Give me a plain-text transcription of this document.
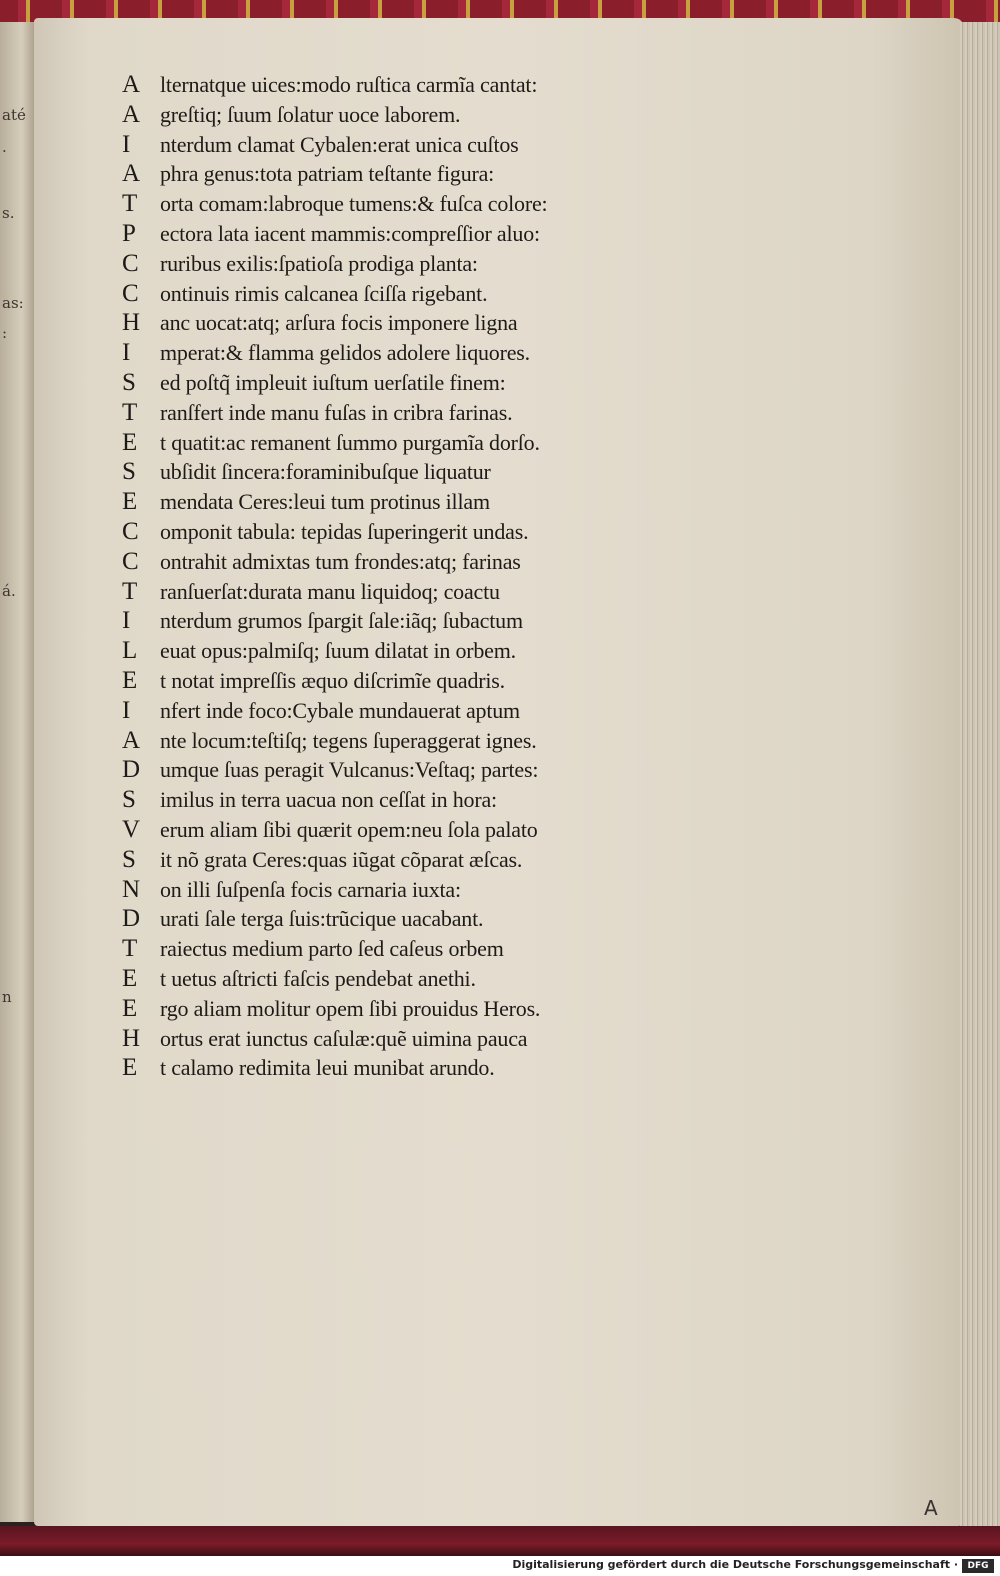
até
·
s.
as:
:
á.
n
A lternatque uices:modo ruſtica carmĩa cantat:
A greſtiq; ſuum ſolatur uoce laborem.
I	nterdum clamat Cybalen:erat unica cuſtos
A phra genus:tota patriam teſtante figura:
T	orta comam:labroque tumens:& fuſca colore:
P	ectora lata iacent mammis:compreſſior aluo:
C ruribus exilis:ſpatioſa prodiga planta:
C ontinuis rimis calcanea ſciſſa rigebant.
H anc uocat:atq; arſura focis imponere ligna
I	mperat:& flamma gelidos adolere liquores.
S	ed poſtq̃ impleuit iuſtum uerſatile finem:
T	ranſfert inde manu fuſas in cribra farinas.
E	t quatit:ac remanent ſummo purgamĩa dorſo.
S	ubſidit ſincera:foraminibuſque liquatur
E	mendata Ceres:leui tum protinus illam
C omponit tabula: tepidas ſuperingerit undas.
C ontrahit admixtas tum frondes:atq; farinas
T	ranſuerſat:durata manu liquidoq; coactu
I	nterdum grumos ſpargit ſale:iãq; ſubactum
L	euat opus:palmiſq; ſuum dilatat in orbem.
E	t notat impreſſis æquo diſcrimĩe quadris.
I	nfert inde foco:Cybale mundauerat aptum
A nte locum:teſtiſq; tegens ſuperaggerat ignes.
D umque ſuas peragit Vulcanus:Veſtaq; partes:
S	imilus in terra uacua non ceſſat in hora:
V erum aliam ſibi quærit opem:neu ſola palato
S	it nõ grata Ceres:quas iũgat cõparat æſcas.
N on illi ſuſpenſa focis carnaria iuxta:
D urati ſale terga ſuis:trũcique uacabant.
T	raiectus medium parto ſed caſeus orbem
E	t uetus aſtricti faſcis pendebat anethi.
E	rgo aliam molitur opem ſibi prouidus Heros.
H ortus erat iunctus caſulæ:quẽ uimina pauca
E	t calamo redimita leui munibat arundo.
A
Digitalisierung gefördert durch die Deutsche Forschungsgemeinschaft ·	DFG
